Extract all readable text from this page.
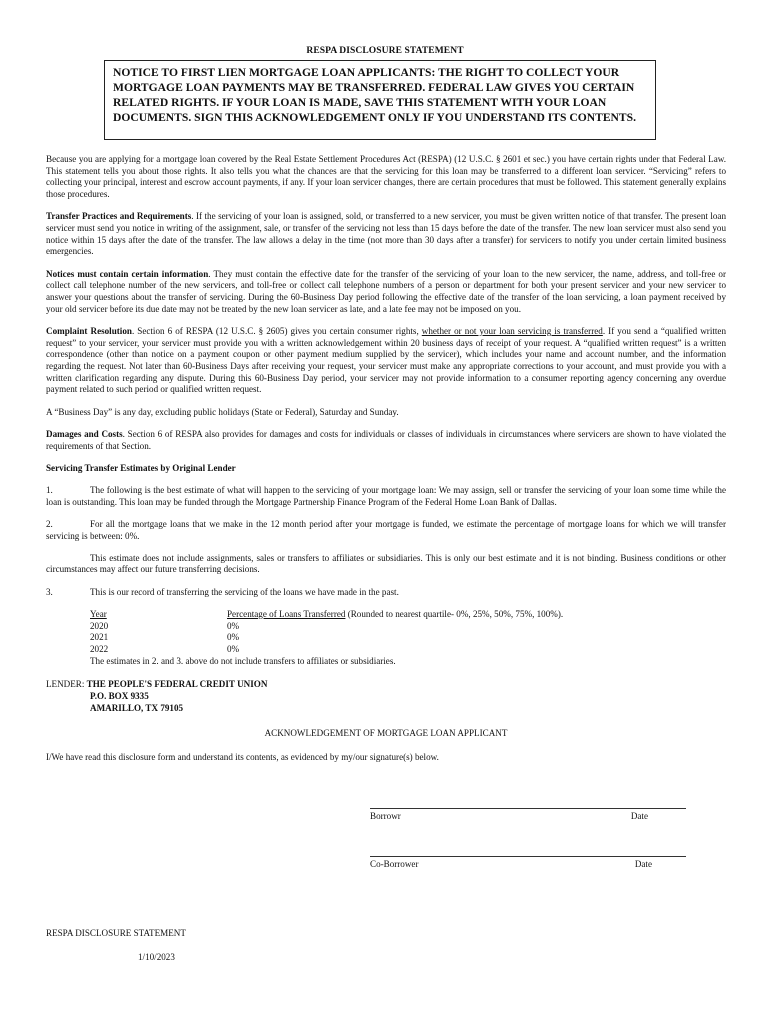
RESPA DISCLOSURE STATEMENT
NOTICE TO FIRST LIEN MORTGAGE LOAN APPLICANTS: THE RIGHT TO COLLECT YOUR MORTGAGE LOAN PAYMENTS MAY BE TRANSFERRED. FEDERAL LAW GIVES YOU CERTAIN RELATED RIGHTS. IF YOUR LOAN IS MADE, SAVE THIS STATEMENT WITH YOUR LOAN DOCUMENTS. SIGN THIS ACKNOWLEDGEMENT ONLY IF YOU UNDERSTAND ITS CONTENTS.

Because you are applying for a mortgage loan covered by the Real Estate Settlement Procedures Act (RESPA) (12 U.S.C. § 2601 et sec.) you have certain rights under that Federal Law. This statement tells you about those rights. It also tells you what the chances are that the servicing for this loan may be transferred to a different loan servicer. “Servicing” refers to collecting your principal, interest and escrow account payments, if any. If your loan servicer changes, there are certain procedures that must be followed. This statement generally explains those procedures.

Transfer Practices and Requirements. If the servicing of your loan is assigned, sold, or transferred to a new servicer, you must be given written notice of that transfer. The present loan servicer must send you notice in writing of the assignment, sale, or transfer of the servicing not less than 15 days before the date of the transfer. The new loan servicer must also send you notice within 15 days after the date of the transfer. The law allows a delay in the time (not more than 30 days after a transfer) for servicers to notify you under certain limited business emergencies.

Notices must contain certain information. They must contain the effective date for the transfer of the servicing of your loan to the new servicer, the name, address, and toll-free or collect call telephone number of the new servicers, and toll-free or collect call telephone numbers of a person or department for both your present servicer and your new servicer to answer your questions about the transfer of servicing. During the 60-Business Day period following the effective date of the transfer of the loan servicing, a loan payment received by your old servicer before its due date may not be treated by the new loan servicer as late, and a late fee may not be imposed on you.

Complaint Resolution. Section 6 of RESPA (12 U.S.C. § 2605) gives you certain consumer rights, whether or not your loan servicing is transferred. If you send a “qualified written request” to your servicer, your servicer must provide you with a written acknowledgement within 20 business days of receipt of your request. A “qualified written request” is a written correspondence (other than notice on a payment coupon or other payment medium supplied by the servicer), which includes your name and account number, and the information regarding the request. Not later than 60-Business Days after receiving your request, your servicer must make any appropriate corrections to your account, and must provide you with a written clarification regarding any dispute. During this 60-Business Day period, your servicer may not provide information to a consumer reporting agency concerning any overdue payment related to such period or qualified written request.

A “Business Day” is any day, excluding public holidays (State or Federal), Saturday and Sunday.

Damages and Costs. Section 6 of RESPA also provides for damages and costs for individuals or classes of individuals in circumstances where servicers are shown to have violated the requirements of that Section.

Servicing Transfer Estimates by Original Lender

1.	The following is the best estimate of what will happen to the servicing of your mortgage loan: We may assign, sell or transfer the servicing of your loan some time while the loan is outstanding. This loan may be funded through the Mortgage Partnership Finance Program of the Federal Home Loan Bank of Dallas.

2.	For all the mortgage loans that we make in the 12 month period after your mortgage is funded, we estimate the percentage of mortgage loans for which we will transfer servicing is between: 0%.

This estimate does not include assignments, sales or transfers to affiliates or subsidiaries. This is only our best estimate and it is not binding. Business conditions or other circumstances may affect our future transferring decisions.

3.	This is our record of transferring the servicing of the loans we have made in the past.

Year	Percentage of Loans Transferred (Rounded to nearest quartile- 0%, 25%, 50%, 75%, 100%).
2020	0%
2021	0%
2022	0%
The estimates in 2. and 3. above do not include transfers to affiliates or subsidiaries.
LENDER: THE PEOPLE'S FEDERAL CREDIT UNION
P.O. BOX 9335
AMARILLO, TX 79105
ACKNOWLEDGEMENT OF MORTGAGE LOAN APPLICANT
I/We have read this disclosure form and understand its contents, as evidenced by my/our signature(s) below.
Borrowr	Date
Co-Borrower	Date
RESPA DISCLOSURE STATEMENT
1/10/2023
